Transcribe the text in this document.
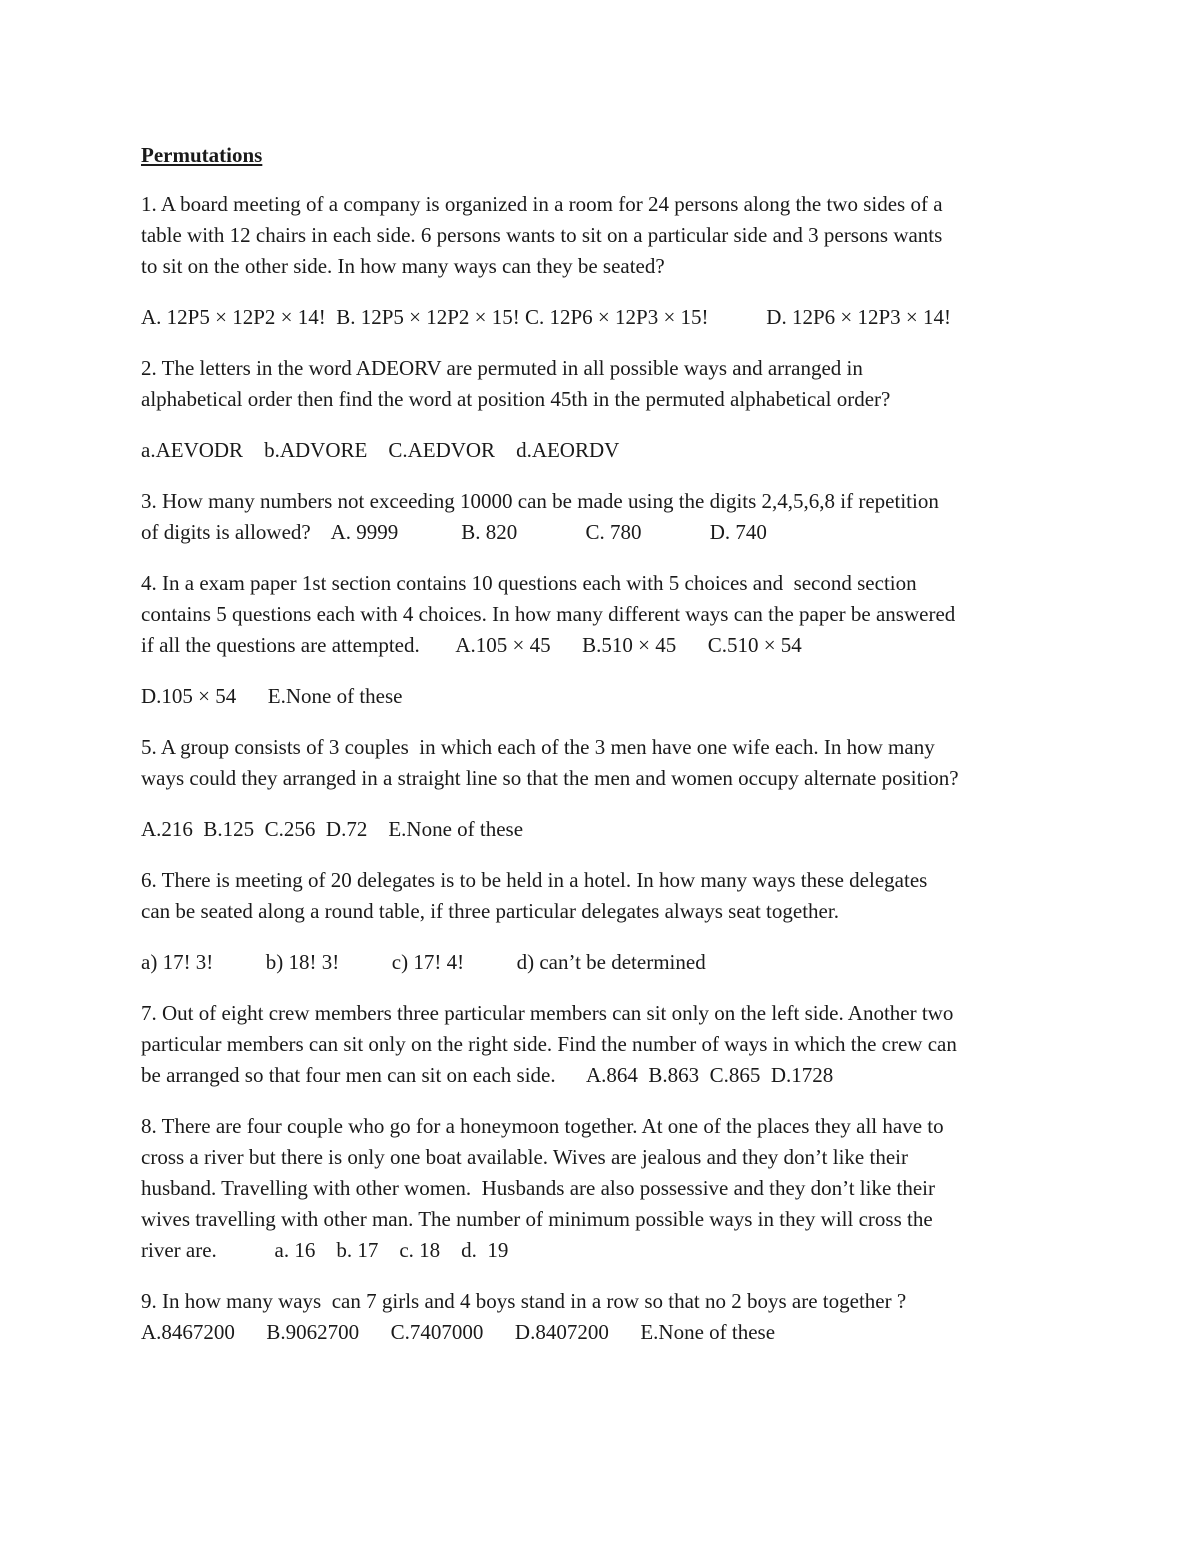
Permutations
1. A board meeting of a company is organized in a room for 24 persons along the two sides of a
table with 12 chairs in each side. 6 persons wants to sit on a particular side and 3 persons wants
to sit on the other side. In how many ways can they be seated?
A. 12P5 × 12P2 × 14!  B. 12P5 × 12P2 × 15! C. 12P6 × 12P3 × 15!           D. 12P6 × 12P3 × 14!
2. The letters in the word ADEORV are permuted in all possible ways and arranged in
alphabetical order then find the word at position 45th in the permuted alphabetical order?
a.AEVODR    b.ADVORE    C.AEDVOR    d.AEORDV
3. How many numbers not exceeding 10000 can be made using the digits 2,4,5,6,8 if repetition
of digits is allowed?    A. 9999            B. 820             C. 780             D. 740
4. In a exam paper 1st section contains 10 questions each with 5 choices and  second section
contains 5 questions each with 4 choices. In how many different ways can the paper be answered
if all the questions are attempted.       A.105 × 45      B.510 × 45      C.510 × 54
D.105 × 54      E.None of these
5. A group consists of 3 couples  in which each of the 3 men have one wife each. In how many
ways could they arranged in a straight line so that the men and women occupy alternate position?
A.216  B.125  C.256  D.72    E.None of these
6. There is meeting of 20 delegates is to be held in a hotel. In how many ways these delegates
can be seated along a round table, if three particular delegates always seat together.
a) 17! 3!          b) 18! 3!          c) 17! 4!          d) can’t be determined
7. Out of eight crew members three particular members can sit only on the left side. Another two
particular members can sit only on the right side. Find the number of ways in which the crew can
be arranged so that four men can sit on each side.      A.864  B.863  C.865  D.1728
8. There are four couple who go for a honeymoon together. At one of the places they all have to
cross a river but there is only one boat available. Wives are jealous and they don’t like their
husband. Travelling with other women.  Husbands are also possessive and they don’t like their
wives travelling with other man. The number of minimum possible ways in they will cross the
river are.           a. 16    b. 17    c. 18    d.  19
9. In how many ways  can 7 girls and 4 boys stand in a row so that no 2 boys are together ?
A.8467200      B.9062700      C.7407000      D.8407200      E.None of these
